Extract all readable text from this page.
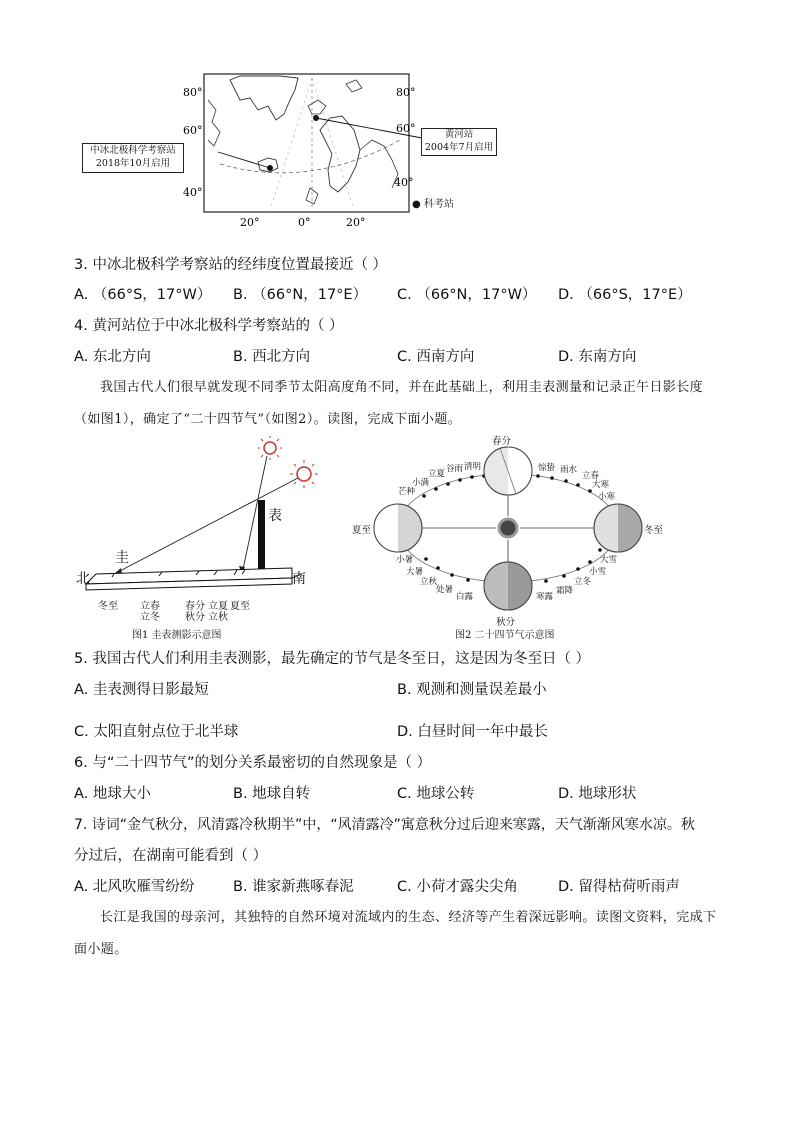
80°
60°
40°
80°
60°
40°
20°	0°	20°
中冰北极科学考察站
2018年10月启用
黄河站
2004年7月启用
● 科考站
3. 中冰北极科学考察站的经纬度位置最接近（ ）
A. （66°S，17°W） B. （66°N，17°E） C. （66°N，17°W） D. （66°S，17°E）
4. 黄河站位于中冰北极科学考察站的（ ）
A. 东北方向	B. 西北方向	C. 西南方向	D. 东南方向
我国古代人们很早就发现不同季节太阳高度角不同，并在此基础上，利用圭表测量和记录正午日影长度（如图1），确定了“二十四节气”（如图2）。读图，完成下面小题。
圭
表
北	南
冬至 立春	春分 立夏 夏至
立冬	秋分 立秋
图1 圭表测影示意图
春分
夏至
秋分
冬至
谷雨 清明
立夏
小满
芒种
惊蛰 雨水
立春
大寒
小寒
大雪
小雪
立冬
霜降
寒露
白露
处暑
立秋
大暑
小暑
图2 二十四节气示意图
5. 我国古代人们利用圭表测影，最先确定的节气是冬至日，这是因为冬至日（ ）
A. 圭表测得日影最短	B. 观测和测量误差最小
C. 太阳直射点位于北半球	D. 白昼时间一年中最长
6. 与“二十四节气”的划分关系最密切的自然现象是（ ）
A. 地球大小	B. 地球自转	C. 地球公转	D. 地球形状
7. 诗词“金气秋分，风清露冷秋期半”中，“风清露冷”寓意秋分过后迎来寒露，天气渐渐风寒水凉。秋
分过后，在湖南可能看到（ ）
A. 北风吹雁雪纷纷	B. 谁家新燕啄春泥	C. 小荷才露尖尖角	D. 留得枯荷听雨声
长江是我国的母亲河，其独特的自然环境对流域内的生态、经济等产生着深远影响。读图文资料，完成下面小题。
